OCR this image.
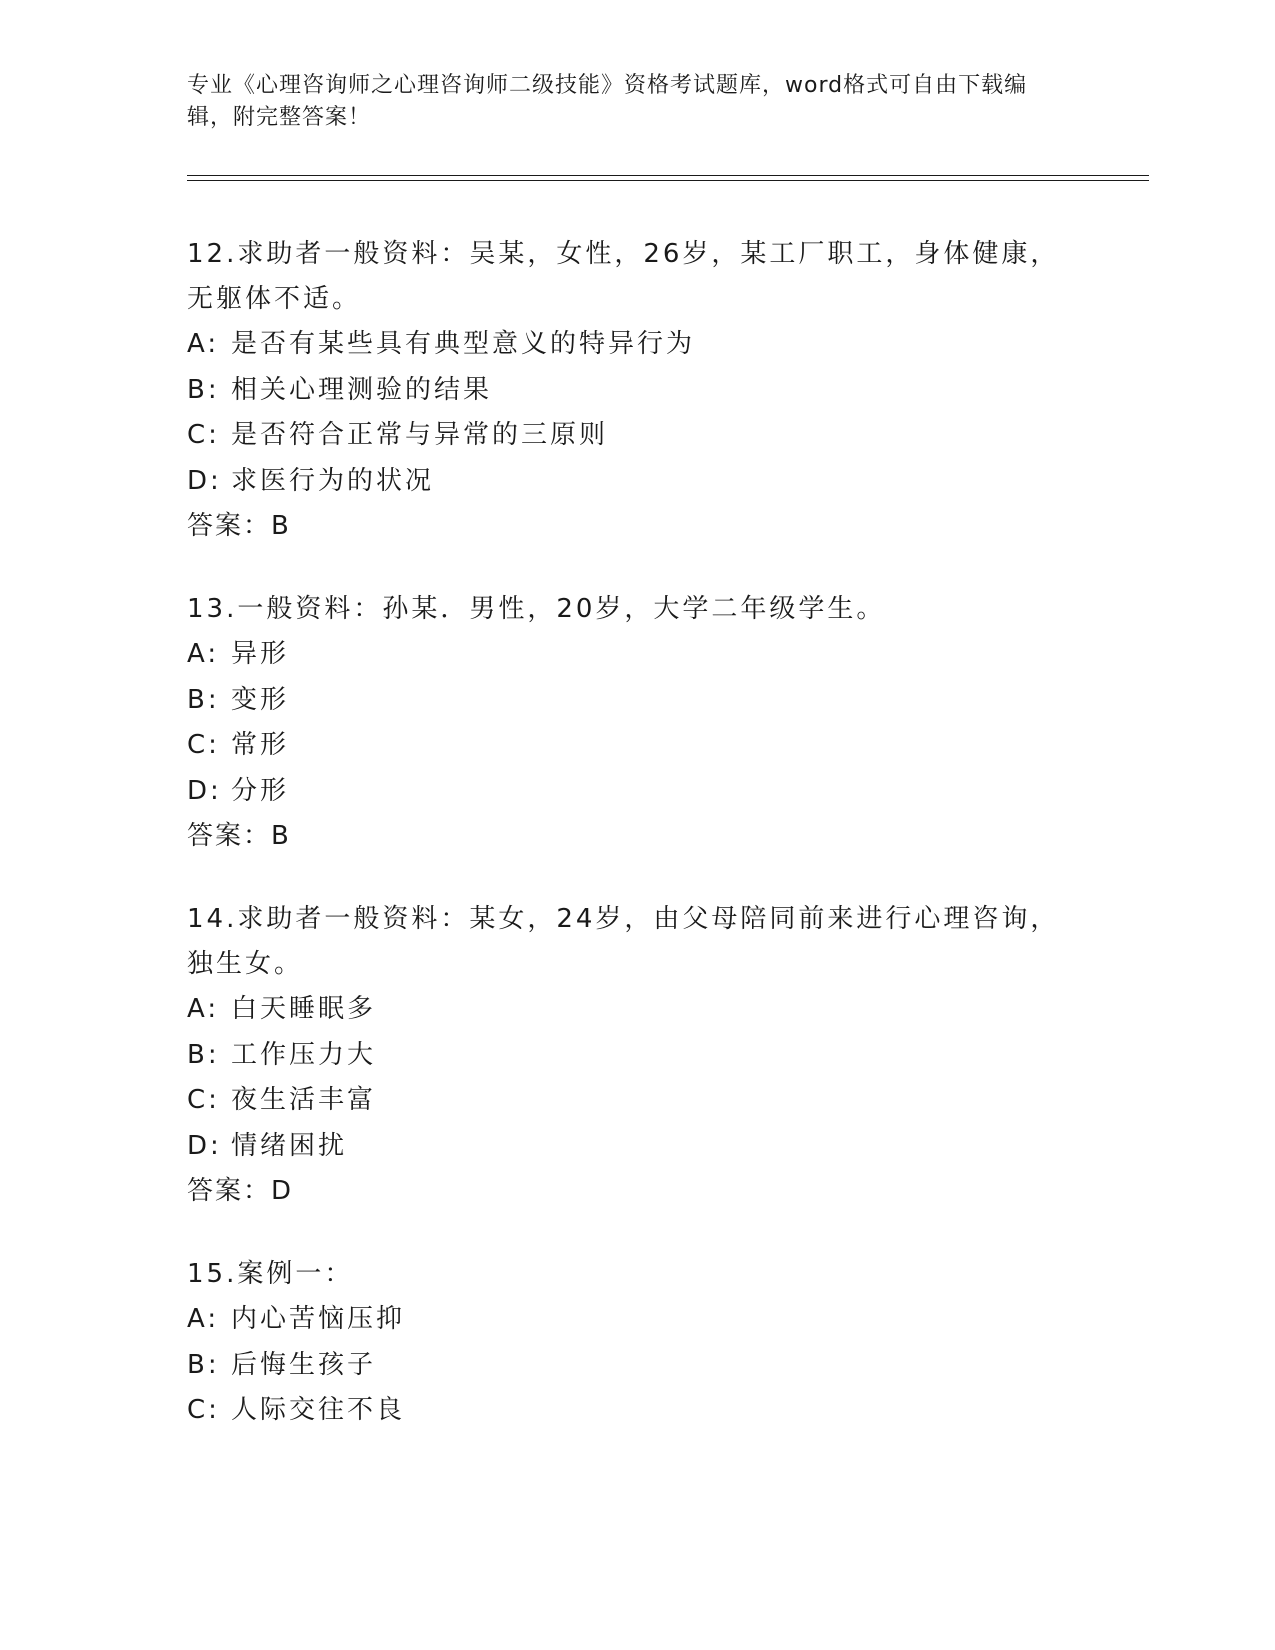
专业《心理咨询师之心理咨询师二级技能》资格考试题库，word格式可自由下载编辑，附完整答案！

12.求助者一般资料：吴某，女性，26岁，某工厂职工，身体健康，无躯体不适。

A: 是否有某些具有典型意义的特异行为

B: 相关心理测验的结果

C: 是否符合正常与异常的三原则

D: 求医行为的状况

答案：B

13.一般资料：孙某．男性，20岁，大学二年级学生。

A: 异形

B: 变形

C: 常形

D: 分形

答案：B

14.求助者一般资料：某女，24岁，由父母陪同前来进行心理咨询，独生女。

A: 白天睡眠多

B: 工作压力大

C: 夜生活丰富

D: 情绪困扰

答案：D

15.案例一：

A: 内心苦恼压抑

B: 后悔生孩子

C: 人际交往不良
